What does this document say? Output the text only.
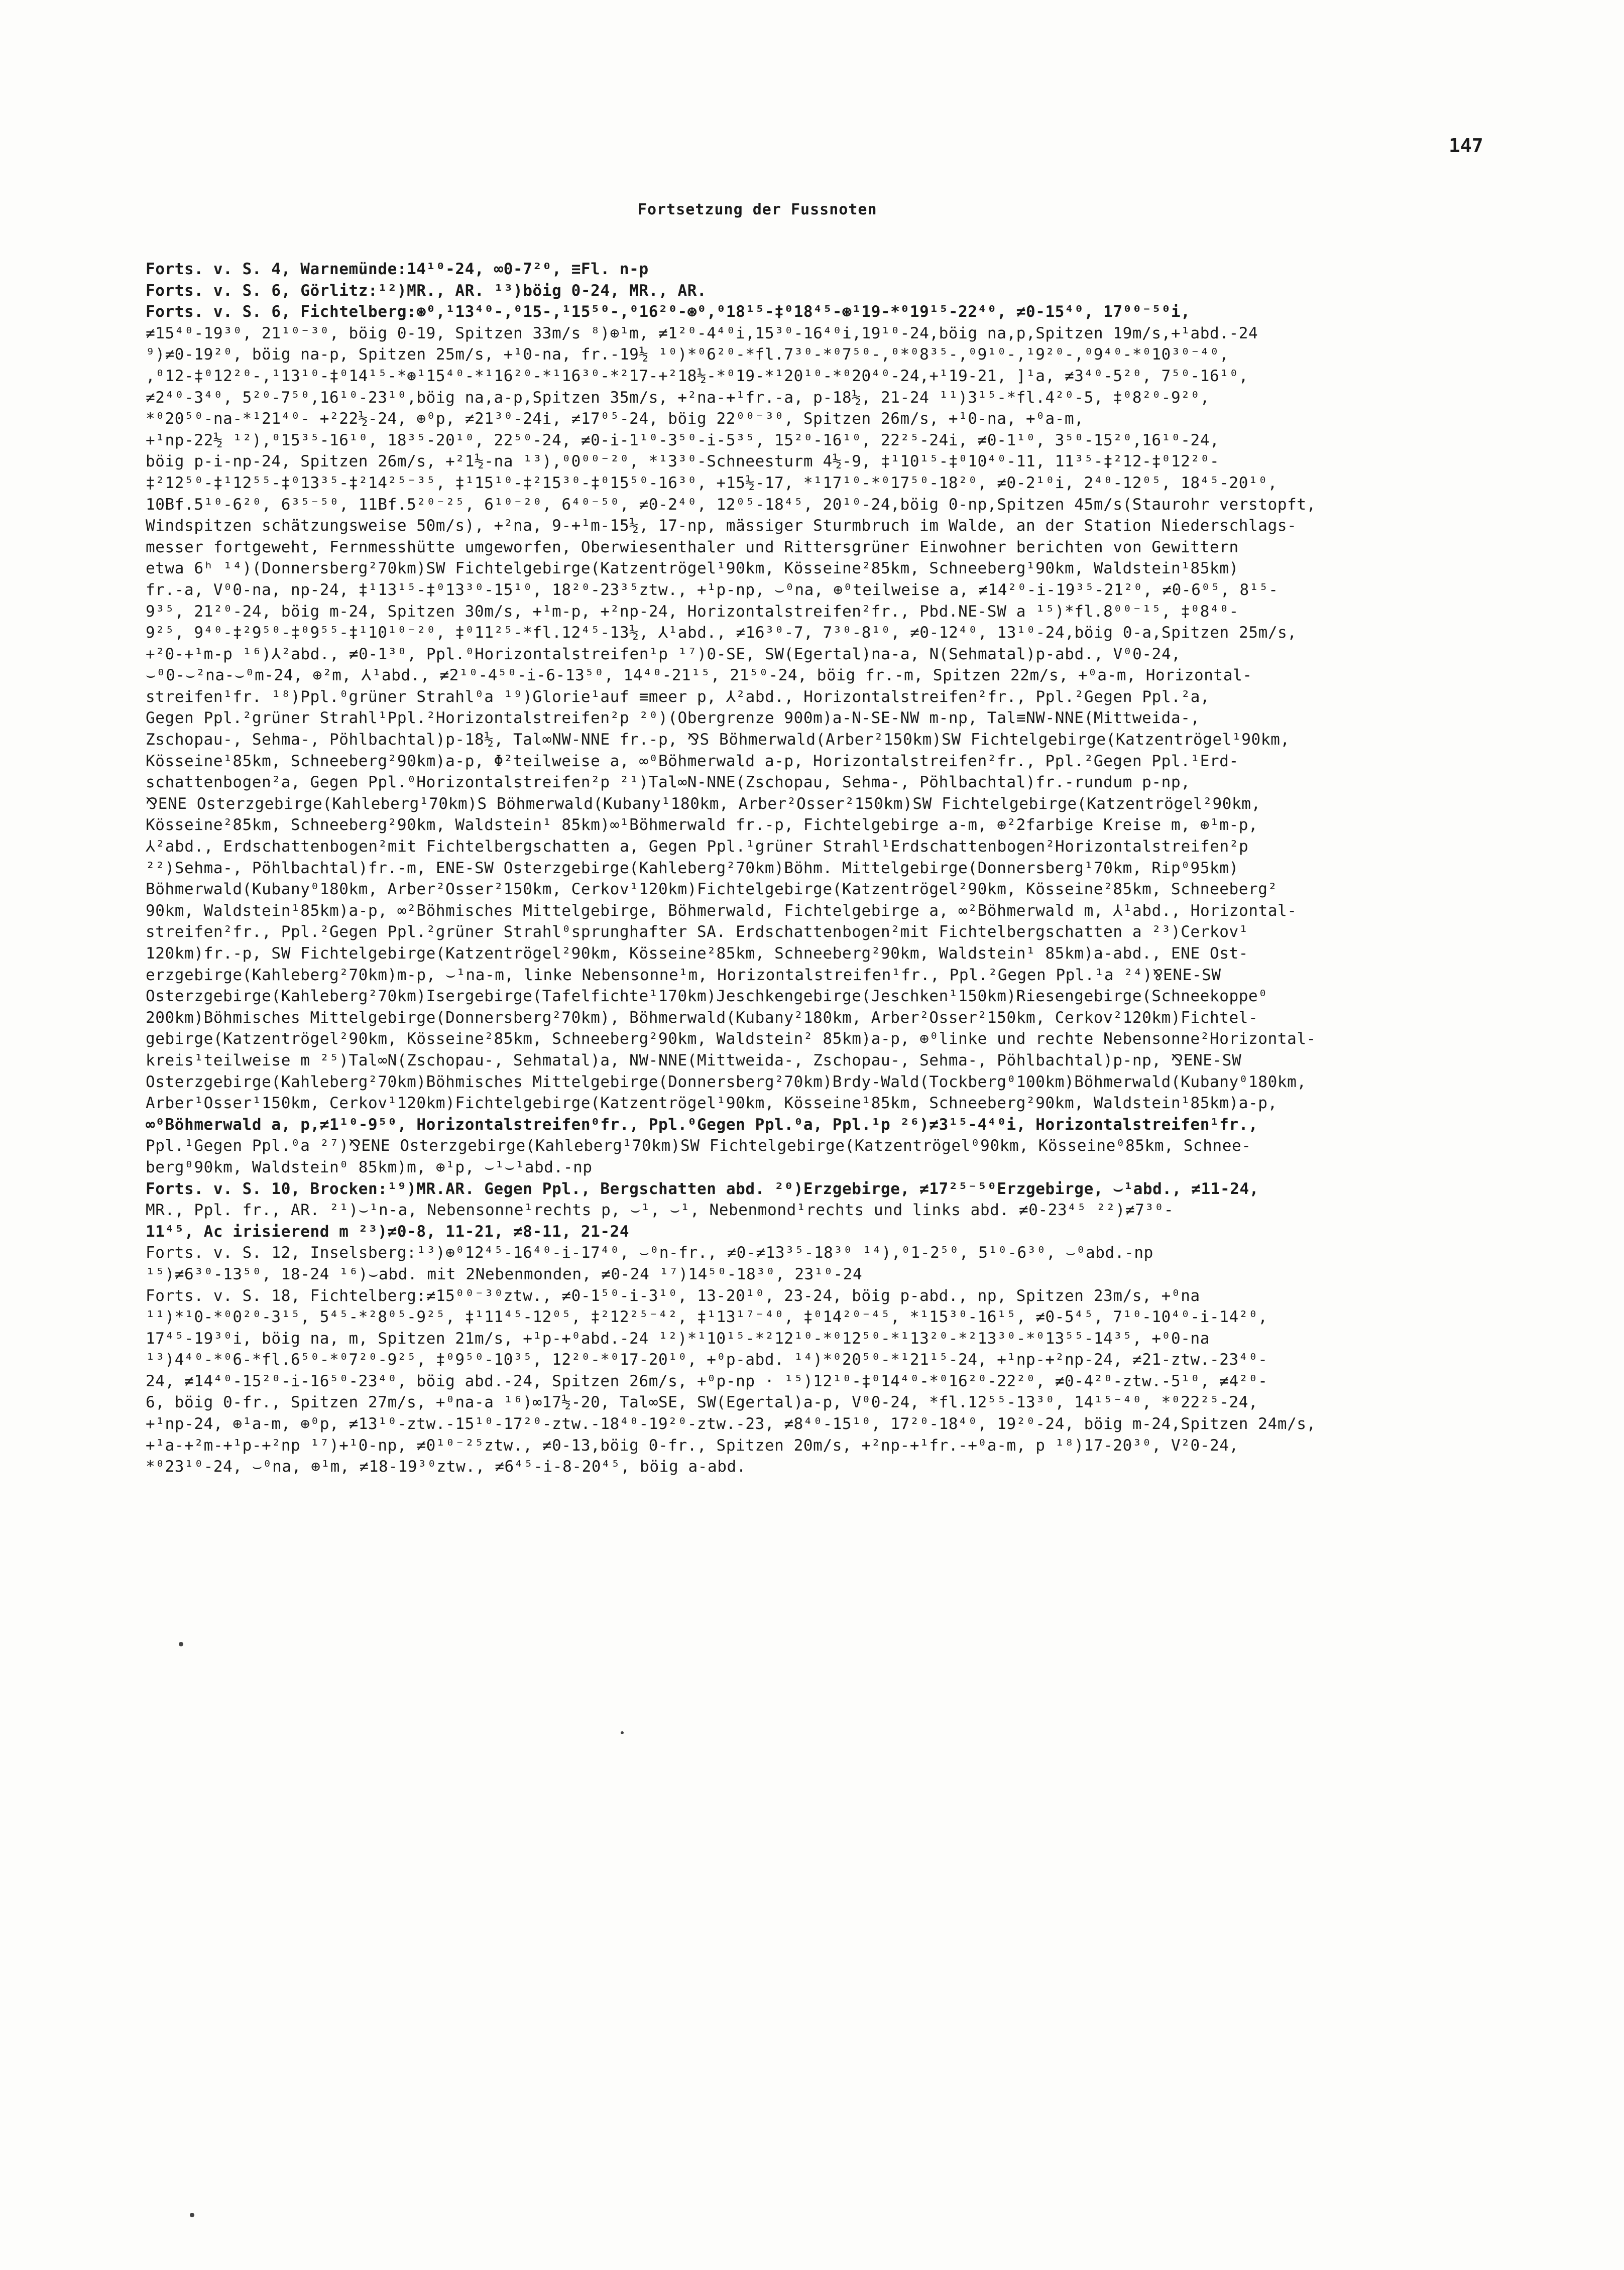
147
Fortsetzung der Fussnoten
Forts. v. S. 4, Warnemünde:14¹⁰-24, ∞0-7²⁰, ≡Fl. n-p
Forts. v. S. 6, Görlitz:¹²)MR., AR. ¹³)böig 0-24, MR., AR.
Forts. v. S. 6, Fichtelberg:⊛⁰,¹13⁴⁰-,⁰15-,¹15⁵⁰-,⁰16²⁰-⊛⁰,⁰18¹⁵-‡⁰18⁴⁵-⊛¹19-*⁰19¹⁵-22⁴⁰, ≠0-15⁴⁰, 17⁰⁰⁻⁵⁰i,
≠15⁴⁰-19³⁰, 21¹⁰⁻³⁰, böig 0-19, Spitzen 33m/s ⁸)⊕¹m, ≠1²⁰-4⁴⁰i,15³⁰-16⁴⁰i,19¹⁰-24,böig na,p,Spitzen 19m/s,+¹abd.-24
⁹)≠0-19²⁰, böig na-p, Spitzen 25m/s, +¹0-na, fr.-19½ ¹⁰)*⁰6²⁰-*fl.7³⁰-*⁰7⁵⁰-,⁰*⁰8³⁵-,⁰9¹⁰-,¹9²⁰-,⁰9⁴⁰-*⁰10³⁰⁻⁴⁰,
,⁰12-‡⁰12²⁰-,¹13¹⁰-‡⁰14¹⁵-*⊛¹15⁴⁰-*¹16²⁰-*¹16³⁰-*²17-+²18½-*⁰19-*¹20¹⁰-*⁰20⁴⁰-24,+¹19-21, ]¹a, ≠3⁴⁰-5²⁰, 7⁵⁰-16¹⁰,
≠2⁴⁰-3⁴⁰, 5²⁰-7⁵⁰,16¹⁰-23¹⁰,böig na,a-p,Spitzen 35m/s, +²na-+¹fr.-a, p-18½, 21-24 ¹¹)3¹⁵-*fl.4²⁰-5, ‡⁰8²⁰-9²⁰,
*⁰20⁵⁰-na-*¹21⁴⁰- +²22½-24, ⊕⁰p, ≠21³⁰-24i, ≠17⁰⁵-24, böig 22⁰⁰⁻³⁰, Spitzen 26m/s, +¹0-na, +⁰a-m,
+¹np-22½ ¹²),⁰15³⁵-16¹⁰, 18³⁵-20¹⁰, 22⁵⁰-24, ≠0-i-1¹⁰-3⁵⁰-i-5³⁵, 15²⁰-16¹⁰, 22²⁵-24i, ≠0-1¹⁰, 3⁵⁰-15²⁰,16¹⁰-24,
böig p-i-np-24, Spitzen 26m/s, +²1½-na ¹³),⁰0⁰⁰⁻²⁰, *¹3³⁰-Schneesturm 4½-9, ‡¹10¹⁵-‡⁰10⁴⁰-11, 11³⁵-‡²12-‡⁰12²⁰-
‡²12⁵⁰-‡¹12⁵⁵-‡⁰13³⁵-‡²14²⁵⁻³⁵, ‡¹15¹⁰-‡²15³⁰-‡⁰15⁵⁰-16³⁰, +15½-17, *¹17¹⁰-*⁰17⁵⁰-18²⁰, ≠0-2¹⁰i, 2⁴⁰-12⁰⁵, 18⁴⁵-20¹⁰,
10Bf.5¹⁰-6²⁰, 6³⁵⁻⁵⁰, 11Bf.5²⁰⁻²⁵, 6¹⁰⁻²⁰, 6⁴⁰⁻⁵⁰, ≠0-2⁴⁰, 12⁰⁵-18⁴⁵, 20¹⁰-24,böig 0-np,Spitzen 45m/s(Staurohr verstopft,
Windspitzen schätzungsweise 50m/s), +²na, 9-+¹m-15½, 17-np, mässiger Sturmbruch im Walde, an der Station Niederschlags-
messer fortgeweht, Fernmesshütte umgeworfen, Oberwiesenthaler und Rittersgrüner Einwohner berichten von Gewittern
etwa 6ʰ ¹⁴)(Donnersberg²70km)SW Fichtelgebirge(Katzentrögel¹90km, Kösseine²85km, Schneeberg¹90km, Waldstein¹85km)
fr.-a, V⁰0-na, np-24, ‡¹13¹⁵-‡⁰13³⁰-15¹⁰, 18²⁰-23³⁵ztw., +¹p-np, ⌣⁰na, ⊕⁰teilweise a, ≠14²⁰-i-19³⁵-21²⁰, ≠0-6⁰⁵, 8¹⁵-
9³⁵, 21²⁰-24, böig m-24, Spitzen 30m/s, +¹m-p, +²np-24, Horizontalstreifen²fr., Pbd.NE-SW a ¹⁵)*fl.8⁰⁰⁻¹⁵, ‡⁰8⁴⁰-
9²⁵, 9⁴⁰-‡²9⁵⁰-‡⁰9⁵⁵-‡¹10¹⁰⁻²⁰, ‡⁰11²⁵-*fl.12⁴⁵-13½, ⅄¹abd., ≠16³⁰-7, 7³⁰-8¹⁰, ≠0-12⁴⁰, 13¹⁰-24,böig 0-a,Spitzen 25m/s,
+²0-+¹m-p ¹⁶)⅄²abd., ≠0-1³⁰, Ppl.⁰Horizontalstreifen¹p ¹⁷)0-SE, SW(Egertal)na-a, N(Sehmatal)p-abd., V⁰0-24,
⌣⁰0-⌣²na-⌣⁰m-24, ⊕²m, ⅄¹abd., ≠2¹⁰-4⁵⁰-i-6-13⁵⁰, 14⁴⁰-21¹⁵, 21⁵⁰-24, böig fr.-m, Spitzen 22m/s, +⁰a-m, Horizontal-
streifen¹fr. ¹⁸)Ppl.⁰grüner Strahl⁰a ¹⁹)Glorie¹auf ≡meer p, ⅄²abd., Horizontalstreifen²fr., Ppl.²Gegen Ppl.²a,
Gegen Ppl.²grüner Strahl¹Ppl.²Horizontalstreifen²p ²⁰)(Obergrenze 900m)a-N-SE-NW m-np, Tal≡NW-NNE(Mittweida-,
Zschopau-, Sehma-, Pöhlbachtal)p-18½, Tal∞NW-NNE fr.-p, ⅋S Böhmerwald(Arber²150km)SW Fichtelgebirge(Katzentrögel¹90km,
Kösseine¹85km, Schneeberg²90km)a-p, Φ²teilweise a, ∞⁰Böhmerwald a-p, Horizontalstreifen²fr., Ppl.²Gegen Ppl.¹Erd-
schattenbogen²a, Gegen Ppl.⁰Horizontalstreifen²p ²¹)Tal∞N-NNE(Zschopau, Sehma-, Pöhlbachtal)fr.-rundum p-np,
⅋ENE Osterzgebirge(Kahleberg¹70km)S Böhmerwald(Kubany¹180km, Arber²Osser²150km)SW Fichtelgebirge(Katzentrögel²90km,
Kösseine²85km, Schneeberg²90km, Waldstein¹ 85km)∞¹Böhmerwald fr.-p, Fichtelgebirge a-m, ⊕²2farbige Kreise m, ⊕¹m-p,
⅄²abd., Erdschattenbogen²mit Fichtelbergschatten a, Gegen Ppl.¹grüner Strahl¹Erdschattenbogen²Horizontalstreifen²p
²²)Sehma-, Pöhlbachtal)fr.-m, ENE-SW Osterzgebirge(Kahleberg²70km)Böhm. Mittelgebirge(Donnersberg¹70km, Rip⁰95km)
Böhmerwald(Kubany⁰180km, Arber²Osser²150km, Cerkov¹120km)Fichtelgebirge(Katzentrögel²90km, Kösseine²85km, Schneeberg²
90km, Waldstein¹85km)a-p, ∞²Böhmisches Mittelgebirge, Böhmerwald, Fichtelgebirge a, ∞²Böhmerwald m, ⅄¹abd., Horizontal-
streifen²fr., Ppl.²Gegen Ppl.²grüner Strahl⁰sprunghafter SA. Erdschattenbogen²mit Fichtelbergschatten a ²³)Cerkov¹
120km)fr.-p, SW Fichtelgebirge(Katzentrögel²90km, Kösseine²85km, Schneeberg²90km, Waldstein¹ 85km)a-abd., ENE Ost-
erzgebirge(Kahleberg²70km)m-p, ⌣¹na-m, linke Nebensonne¹m, Horizontalstreifen¹fr., Ppl.²Gegen Ppl.¹a ²⁴)⅋ENE-SW
Osterzgebirge(Kahleberg²70km)Isergebirge(Tafelfichte¹170km)Jeschkengebirge(Jeschken¹150km)Riesengebirge(Schneekoppe⁰
200km)Böhmisches Mittelgebirge(Donnersberg²70km), Böhmerwald(Kubany²180km, Arber²Osser²150km, Cerkov²120km)Fichtel-
gebirge(Katzentrögel²90km, Kösseine²85km, Schneeberg²90km, Waldstein² 85km)a-p, ⊕⁰linke und rechte Nebensonne²Horizontal-
kreis¹teilweise m ²⁵)Tal∞N(Zschopau-, Sehmatal)a, NW-NNE(Mittweida-, Zschopau-, Sehma-, Pöhlbachtal)p-np, ⅋ENE-SW
Osterzgebirge(Kahleberg²70km)Böhmisches Mittelgebirge(Donnersberg²70km)Brdy-Wald(Tockberg⁰100km)Böhmerwald(Kubany⁰180km,
Arber¹Osser¹150km, Cerkov¹120km)Fichtelgebirge(Katzentrögel¹90km, Kösseine¹85km, Schneeberg²90km, Waldstein¹85km)a-p,
∞⁰Böhmerwald a, p,≠1¹⁰-9⁵⁰, Horizontalstreifen⁰fr., Ppl.⁰Gegen Ppl.⁰a, Ppl.¹p ²⁶)≠3¹⁵-4⁴⁰i, Horizontalstreifen¹fr.,
Ppl.¹Gegen Ppl.⁰a ²⁷)⅋ENE Osterzgebirge(Kahleberg¹70km)SW Fichtelgebirge(Katzentrögel⁰90km, Kösseine⁰85km, Schnee-
berg⁰90km, Waldstein⁰ 85km)m, ⊕¹p, ⌣¹⌣¹abd.-np
Forts. v. S. 10, Brocken:¹⁹)MR.AR. Gegen Ppl., Bergschatten abd. ²⁰)Erzgebirge, ≠17²⁵⁻⁵⁰Erzgebirge, ⌣¹abd., ≠11-24,
MR., Ppl. fr., AR. ²¹)⌣¹n-a, Nebensonne¹rechts p, ⌣¹, ⌣¹, Nebenmond¹rechts und links abd. ≠0-23⁴⁵ ²²)≠7³⁰-
11⁴⁵, Ac irisierend m ²³)≠0-8, 11-21, ≠8-11, 21-24
Forts. v. S. 12, Inselsberg:¹³)⊕⁰12⁴⁵-16⁴⁰-i-17⁴⁰, ⌣⁰n-fr., ≠0-≠13³⁵-18³⁰ ¹⁴),⁰1-2⁵⁰, 5¹⁰-6³⁰, ⌣⁰abd.-np
¹⁵)≠6³⁰-13⁵⁰, 18-24 ¹⁶)⌣abd. mit 2Nebenmonden, ≠0-24 ¹⁷)14⁵⁰-18³⁰, 23¹⁰-24
Forts. v. S. 18, Fichtelberg:≠15⁰⁰⁻³⁰ztw., ≠0-1⁵⁰-i-3¹⁰, 13-20¹⁰, 23-24, böig p-abd., np, Spitzen 23m/s, +⁰na
¹¹)*¹0-*⁰0²⁰-3¹⁵, 5⁴⁵-*²8⁰⁵-9²⁵, ‡¹11⁴⁵-12⁰⁵, ‡²12²⁵⁻⁴², ‡¹13¹⁷⁻⁴⁰, ‡⁰14²⁰⁻⁴⁵, *¹15³⁰-16¹⁵, ≠0-5⁴⁵, 7¹⁰-10⁴⁰-i-14²⁰,
17⁴⁵-19³⁰i, böig na, m, Spitzen 21m/s, +¹p-+⁰abd.-24 ¹²)*¹10¹⁵-*²12¹⁰-*⁰12⁵⁰-*¹13²⁰-*²13³⁰-*⁰13⁵⁵-14³⁵, +⁰0-na
¹³)4⁴⁰-*⁰6-*fl.6⁵⁰-*⁰7²⁰-9²⁵, ‡⁰9⁵⁰-10³⁵, 12²⁰-*⁰17-20¹⁰, +⁰p-abd. ¹⁴)*⁰20⁵⁰-*¹21¹⁵-24, +¹np-+²np-24, ≠21-ztw.-23⁴⁰-
24, ≠14⁴⁰-15²⁰-i-16⁵⁰-23⁴⁰, böig abd.-24, Spitzen 26m/s, +⁰p-np · ¹⁵)12¹⁰-‡⁰14⁴⁰-*⁰16²⁰-22²⁰, ≠0-4²⁰-ztw.-5¹⁰, ≠4²⁰-
6, böig 0-fr., Spitzen 27m/s, +⁰na-a ¹⁶)∞17½-20, Tal∞SE, SW(Egertal)a-p, V⁰0-24, *fl.12⁵⁵-13³⁰, 14¹⁵⁻⁴⁰, *⁰22²⁵-24,
+¹np-24, ⊕¹a-m, ⊕⁰p, ≠13¹⁰-ztw.-15¹⁰-17²⁰-ztw.-18⁴⁰-19²⁰-ztw.-23, ≠8⁴⁰-15¹⁰, 17²⁰-18⁴⁰, 19²⁰-24, böig m-24,Spitzen 24m/s,
+¹a-+²m-+¹p-+²np ¹⁷)+¹0-np, ≠0¹⁰⁻²⁵ztw., ≠0-13,böig 0-fr., Spitzen 20m/s, +²np-+¹fr.-+⁰a-m, p ¹⁸)17-20³⁰, V²0-24,
*⁰23¹⁰-24, ⌣⁰na, ⊕¹m, ≠18-19³⁰ztw., ≠6⁴⁵-i-8-20⁴⁵, böig a-abd.
